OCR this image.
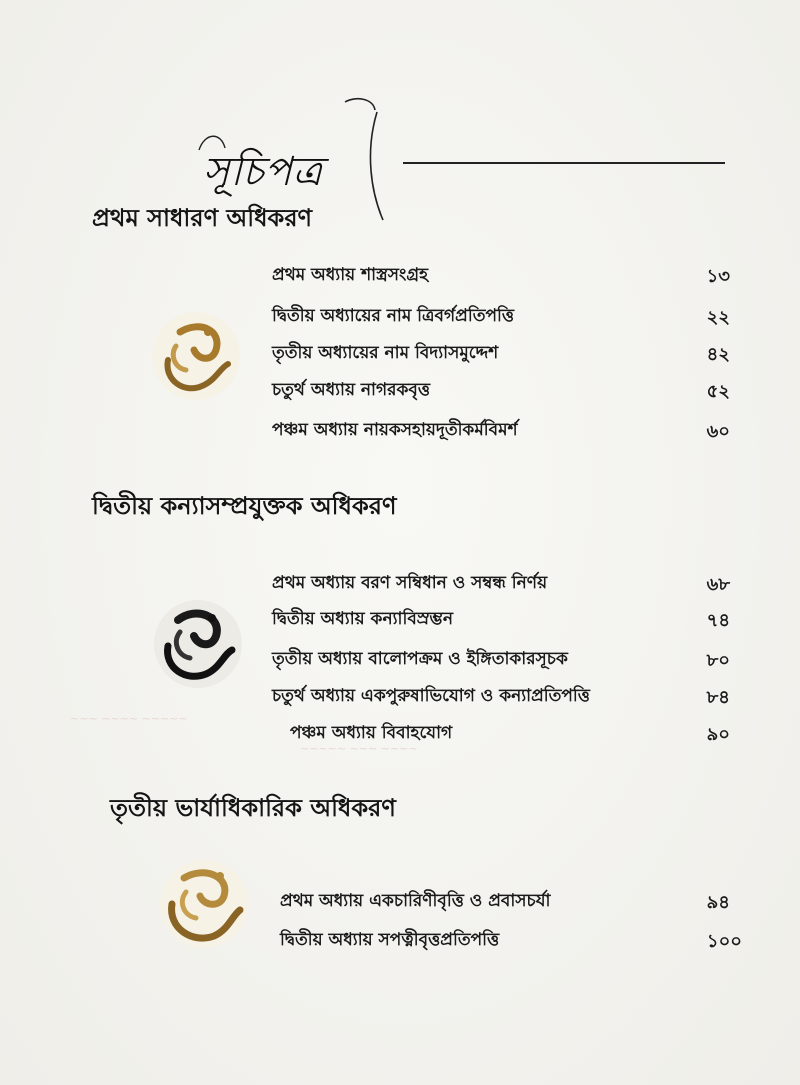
সূচিপত্র
প্রথম সাধারণ অধিকরণ
প্রথম অধ্যায় শাস্ত্রসংগ্রহ	১৩
দ্বিতীয় অধ্যায়ের নাম ত্রিবর্গপ্রতিপত্তি	২২
তৃতীয় অধ্যায়ের নাম বিদ্যাসমুদ্দেশ	৪২
চতুর্থ অধ্যায় নাগরকবৃত্ত	৫২
পঞ্চম অধ্যায় নায়কসহায়দূতীকর্মবিমর্শ	৬০
দ্বিতীয় কন্যাসম্প্রযুক্তক অধিকরণ
প্রথম অধ্যায় বরণ সম্বিধান ও সম্বন্ধ নির্ণয়	৬৮
দ্বিতীয় অধ্যায় কন্যাবিস্রম্ভন	৭৪
তৃতীয় অধ্যায় বালোপক্রম ও ইঙ্গিতাকারসূচক	৮০
চতুর্থ অধ্যায় একপুরুষাভিযোগ ও কন্যাপ্রতিপত্তি	৮৪
পঞ্চম অধ্যায় বিবাহযোগ	৯০
~~~ ~~~~ ~~~~~
~~~~~ ~~~ ~~~~
তৃতীয় ভার্যাধিকারিক অধিকরণ
প্রথম অধ্যায় একচারিণীবৃত্তি ও প্রবাসচর্যা	৯৪
দ্বিতীয় অধ্যায় সপত্নীবৃত্তপ্রতিপত্তি	১০০
